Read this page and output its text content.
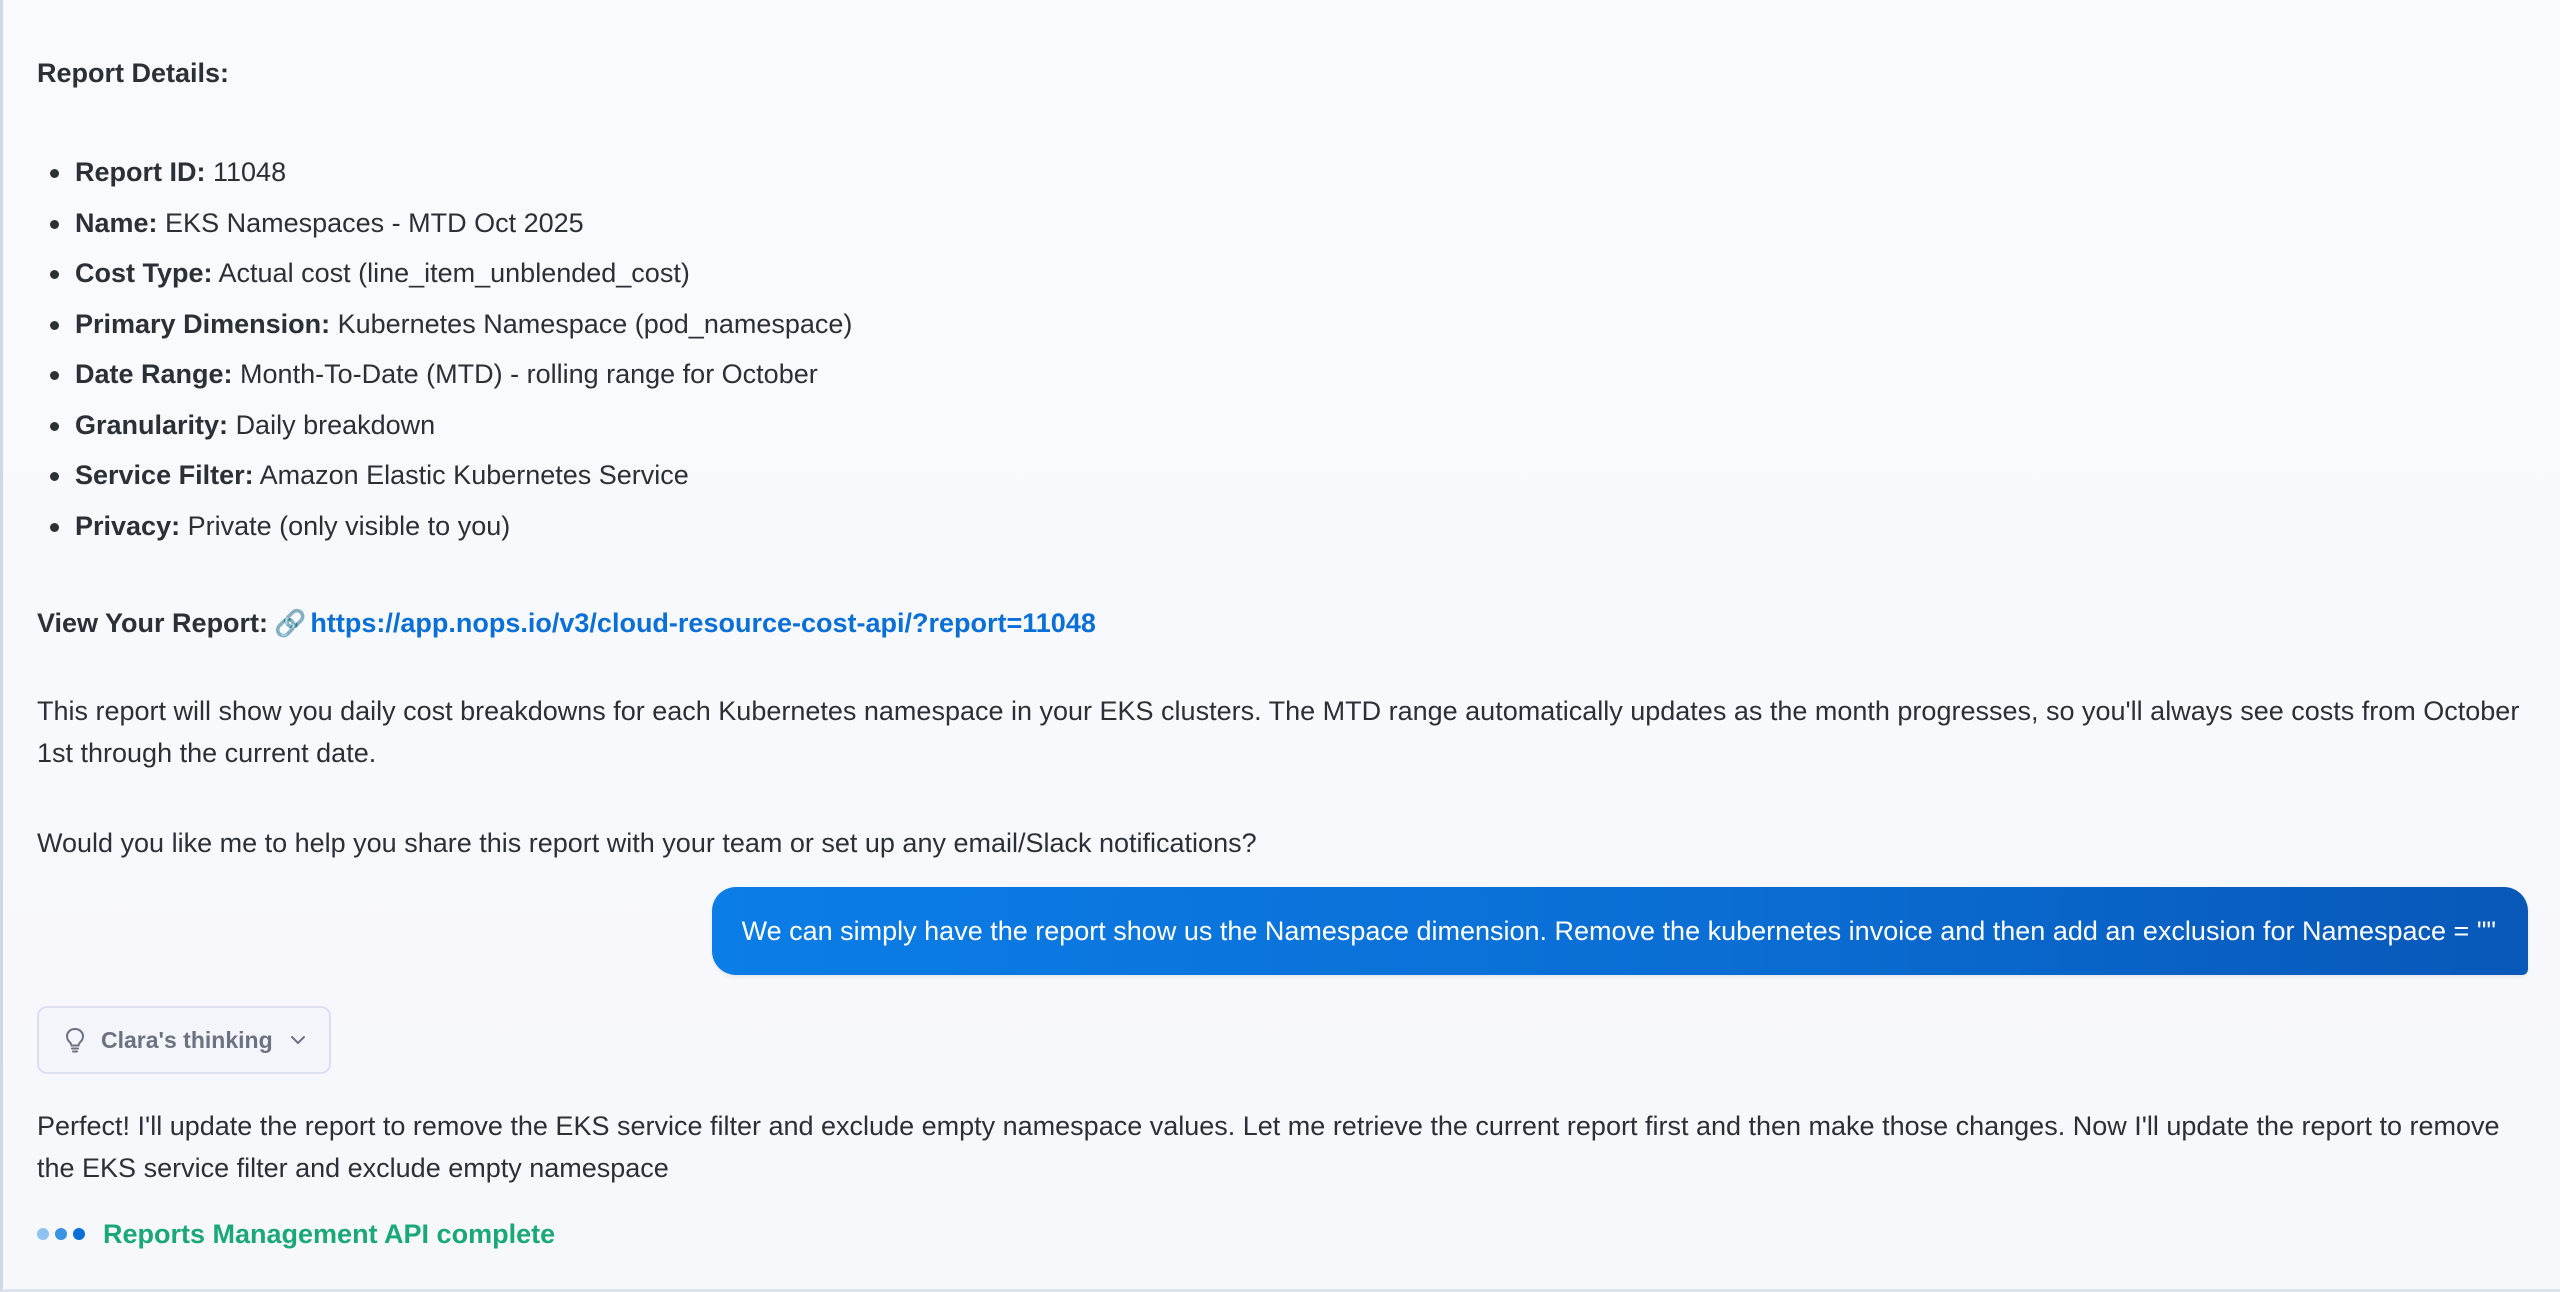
Report Details:
Report ID: 11048
Name: EKS Namespaces - MTD Oct 2025
Cost Type: Actual cost (line_item_unblended_cost)
Primary Dimension: Kubernetes Namespace (pod_namespace)
Date Range: Month-To-Date (MTD) - rolling range for October
Granularity: Daily breakdown
Service Filter: Amazon Elastic Kubernetes Service
Privacy: Private (only visible to you)
View Your Report: 🔗 https://app.nops.io/v3/cloud-resource-cost-api/?report=11048
This report will show you daily cost breakdowns for each Kubernetes namespace in your EKS clusters. The MTD range automatically updates as the month progresses, so you'll always see costs from October 1st through the current date.
Would you like me to help you share this report with your team or set up any email/Slack notifications?
We can simply have the report show us the Namespace dimension. Remove the kubernetes invoice and then add an exclusion for Namespace = ""
Clara's thinking
Perfect! I'll update the report to remove the EKS service filter and exclude empty namespace values. Let me retrieve the current report first and then make those changes. Now I'll update the report to remove the EKS service filter and exclude empty namespace
Reports Management API complete
